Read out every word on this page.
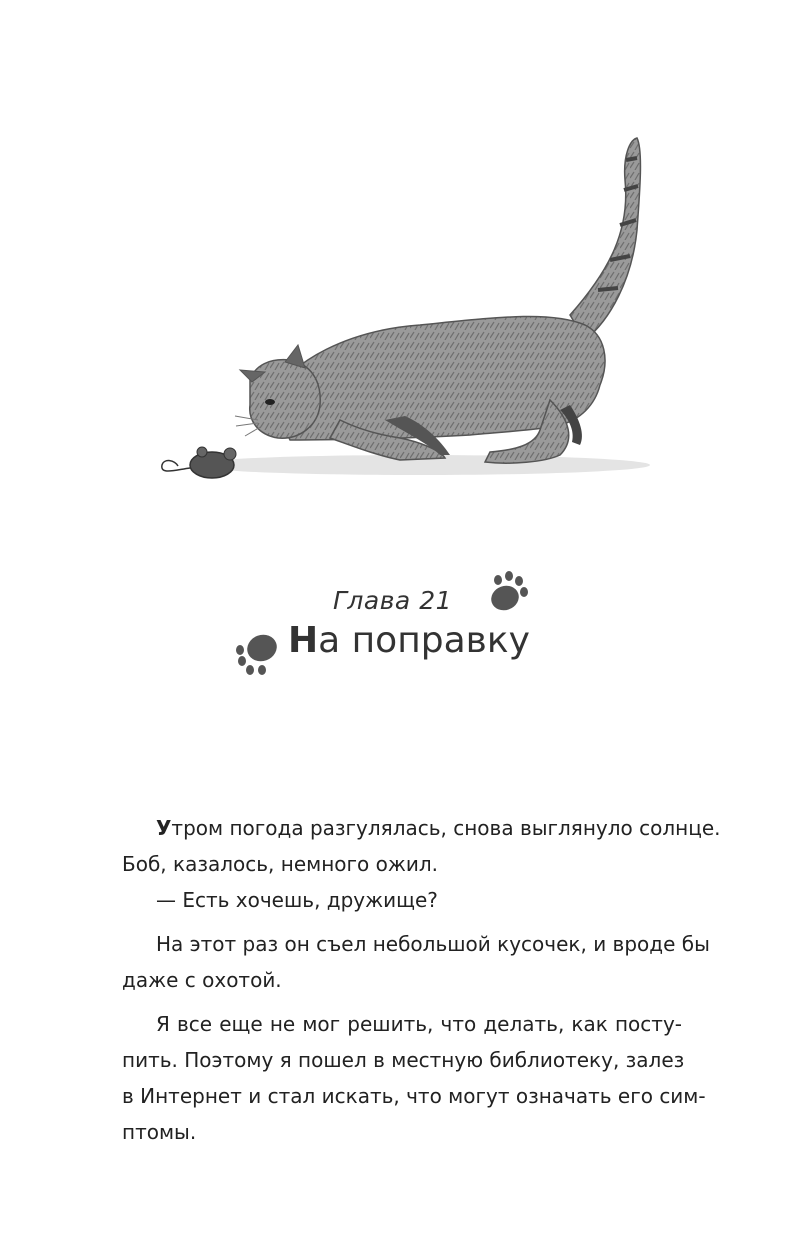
Глава 21
На поправку
Утром погода разгулялась, снова выглянуло солнце.
Боб, казалось, немного ожил.
— Есть хочешь, дружище?
На этот раз он съел небольшой кусочек, и вроде бы
даже с охотой.
Я все еще не мог решить, что делать, как посту-
пить. Поэтому я пошел в местную библиотеку, залез
в Интернет и стал искать, что могут означать его сим-
птомы.
